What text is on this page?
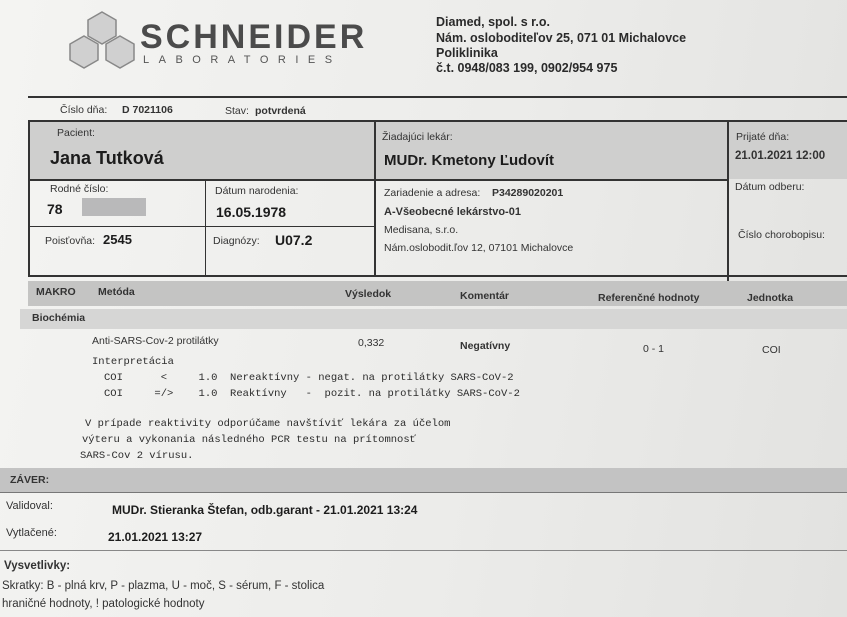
SCHNEIDER
LABORATORIES
Diamed, spol. s r.o.
Nám. osloboditeľov 25, 071 01 Michalovce
Poliklinika
č.t. 0948/083 199, 0902/954 975
Číslo dňa: D 7021106	Stav: potvrdená
Pacient:
Jana Tutková
Žiadajúci lekár:
MUDr. Kmetony Ľudovít
Prijaté dňa:
21.01.2021 12:00
Rodné číslo:
78
Dátum narodenia:
16.05.1978
Zariadenie a adresa: P34289020201
A-Všeobecné lekárstvo-01
Medisana, s.r.o.
Nám.oslobodit.ľov 12, 07101 Michalovce
Dátum odberu:
Číslo chorobopisu:
Poisťovňa: 2545	Diagnózy: U07.2
MAKRO Metóda	Výsledok	Komentár	Referenčné hodnoty	Jednotka
Biochémia
Anti-SARS-Cov-2 protilátky	0,332	Negatívny	0 - 1	COI
Interpretácia
COI      <     1.0  Nereaktívny - negat. na protilátky SARS-CoV-2
COI     =/>    1.0  Reaktívny   -  pozit. na protilátky SARS-CoV-2
V prípade reaktivity odporúčame navštíviť lekára za účelom
výteru a vykonania následného PCR testu na prítomnosť
SARS-Cov 2 vírusu.
ZÁVER:
Validoval:	MUDr. Stieranka Štefan, odb.garant - 21.01.2021 13:24
Vytlačené:	21.01.2021 13:27
Vysvetlivky:
Skratky: B - plná krv, P - plazma, U - moč, S - sérum, F - stolica
hraničné hodnoty, ! patologické hodnoty
